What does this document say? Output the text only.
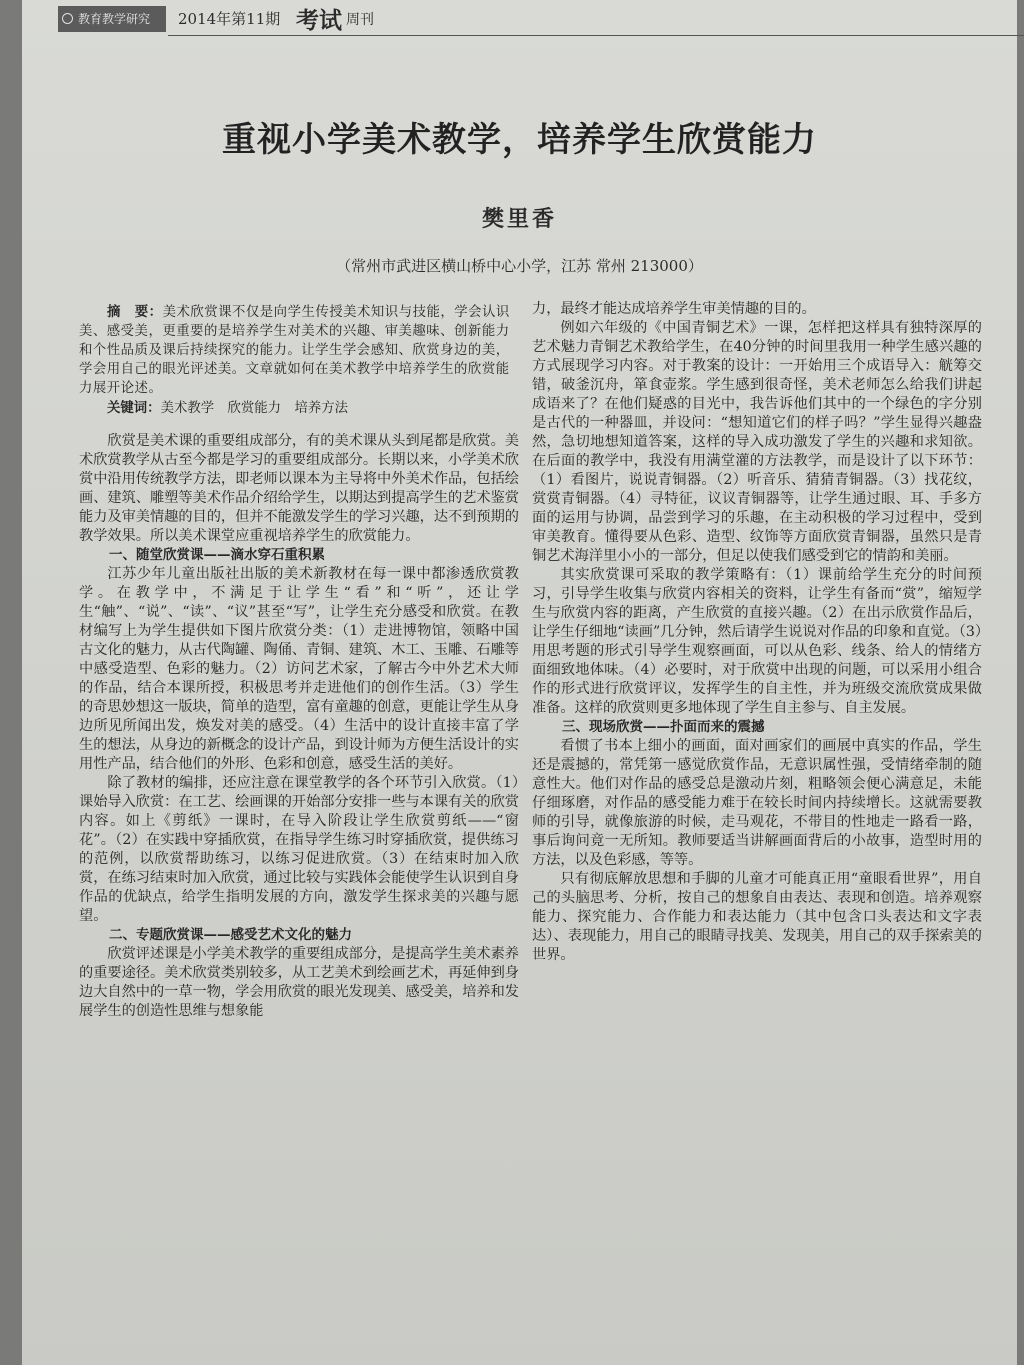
教育教学研究	2014年第11期 考试 周刊
重视小学美术教学，培养学生欣赏能力
樊里香
（常州市武进区横山桥中心小学，江苏 常州 213000）
摘　要：美术欣赏课不仅是向学生传授美术知识与技能，学会认识美、感受美，更重要的是培养学生对美术的兴趣、审美趣味、创新能力和个性品质及课后持续探究的能力。让学生学会感知、欣赏身边的美，学会用自己的眼光评述美。文章就如何在美术教学中培养学生的欣赏能力展开论述。
关键词：美术教学　欣赏能力　培养方法

欣赏是美术课的重要组成部分，有的美术课从头到尾都是欣赏。美术欣赏教学从古至今都是学习的重要组成部分。长期以来，小学美术欣赏中沿用传统教学方法，即老师以课本为主导将中外美术作品，包括绘画、建筑、雕塑等美术作品介绍给学生，以期达到提高学生的艺术鉴赏能力及审美情趣的目的，但并不能激发学生的学习兴趣，达不到预期的教学效果。所以美术课堂应重视培养学生的欣赏能力。

一、随堂欣赏课——滴水穿石重积累

江苏少年儿童出版社出版的美术新教材在每一课中都渗透欣赏教学。在教学中，不满足于让学生“看”和“听”，还让学生“触”、“说”、“读”、“议”甚至“写”，让学生充分感受和欣赏。在教材编写上为学生提供如下图片欣赏分类：（1）走进博物馆，领略中国古文化的魅力，从古代陶罐、陶俑、青铜、建筑、木工、玉雕、石雕等中感受造型、色彩的魅力。（2）访问艺术家，了解古今中外艺术大师的作品，结合本课所授，积极思考并走进他们的创作生活。（3）学生的奇思妙想这一版块，简单的造型，富有童趣的创意，更能让学生从身边所见所闻出发，焕发对美的感受。（4）生活中的设计直接丰富了学生的想法，从身边的新概念的设计产品，到设计师为方便生活设计的实用性产品，结合他们的外形、色彩和创意，感受生活的美好。

除了教材的编排，还应注意在课堂教学的各个环节引入欣赏。（1）课始导入欣赏：在工艺、绘画课的开始部分安排一些与本课有关的欣赏内容。如上《剪纸》一课时，在导入阶段让学生欣赏剪纸——“窗花”。（2）在实践中穿插欣赏，在指导学生练习时穿插欣赏，提供练习的范例，以欣赏帮助练习，以练习促进欣赏。（3）在结束时加入欣赏，在练习结束时加入欣赏，通过比较与实践体会能使学生认识到自身作品的优缺点，给学生指明发展的方向，激发学生探求美的兴趣与愿望。

二、专题欣赏课——感受艺术文化的魅力

欣赏评述课是小学美术教学的重要组成部分，是提高学生美术素养的重要途径。美术欣赏类别较多，从工艺美术到绘画艺术，再延伸到身边大自然中的一草一物，学会用欣赏的眼光发现美、感受美，培养和发展学生的创造性思维与想象能

力，最终才能达成培养学生审美情趣的目的。

例如六年级的《中国青铜艺术》一课，怎样把这样具有独特深厚的艺术魅力青铜艺术教给学生，在40分钟的时间里我用一种学生感兴趣的方式展现学习内容。对于教案的设计：一开始用三个成语导入：觥筹交错，破釜沉舟，箪食壶浆。学生感到很奇怪，美术老师怎么给我们讲起成语来了？在他们疑惑的目光中，我告诉他们其中的一个绿色的字分别是古代的一种器皿，并设问：“想知道它们的样子吗？”学生显得兴趣盎然，急切地想知道答案，这样的导入成功激发了学生的兴趣和求知欲。在后面的教学中，我没有用满堂灌的方法教学，而是设计了以下环节：（1）看图片，说说青铜器。（2）听音乐、猜猜青铜器。（3）找花纹，赏赏青铜器。（4）寻特征，议议青铜器等，让学生通过眼、耳、手多方面的运用与协调，品尝到学习的乐趣，在主动积极的学习过程中，受到审美教育。懂得要从色彩、造型、纹饰等方面欣赏青铜器，虽然只是青铜艺术海洋里小小的一部分，但足以使我们感受到它的情韵和美丽。

其实欣赏课可采取的教学策略有：（1）课前给学生充分的时间预习，引导学生收集与欣赏内容相关的资料，让学生有备而“赏”，缩短学生与欣赏内容的距离，产生欣赏的直接兴趣。（2）在出示欣赏作品后，让学生仔细地“读画”几分钟，然后请学生说说对作品的印象和直觉。（3）用思考题的形式引导学生观察画面，可以从色彩、线条、给人的情绪方面细致地体味。（4）必要时，对于欣赏中出现的问题，可以采用小组合作的形式进行欣赏评议，发挥学生的自主性，并为班级交流欣赏成果做准备。这样的欣赏则更多地体现了学生自主参与、自主发展。

三、现场欣赏——扑面而来的震撼

看惯了书本上细小的画面，面对画家们的画展中真实的作品，学生还是震撼的，常凭第一感觉欣赏作品，无意识属性强，受情绪牵制的随意性大。他们对作品的感受总是激动片刻，粗略领会便心满意足，未能仔细琢磨，对作品的感受能力难于在较长时间内持续增长。这就需要教师的引导，就像旅游的时候，走马观花，不带目的性地走一路看一路，事后询问竟一无所知。教师要适当讲解画面背后的小故事，造型时用的方法，以及色彩感，等等。

只有彻底解放思想和手脚的儿童才可能真正用“童眼看世界”，用自己的头脑思考、分析，按自己的想象自由表达、表现和创造。培养观察能力、探究能力、合作能力和表达能力（其中包含口头表达和文字表达）、表现能力，用自己的眼睛寻找美、发现美，用自己的双手探索美的世界。
